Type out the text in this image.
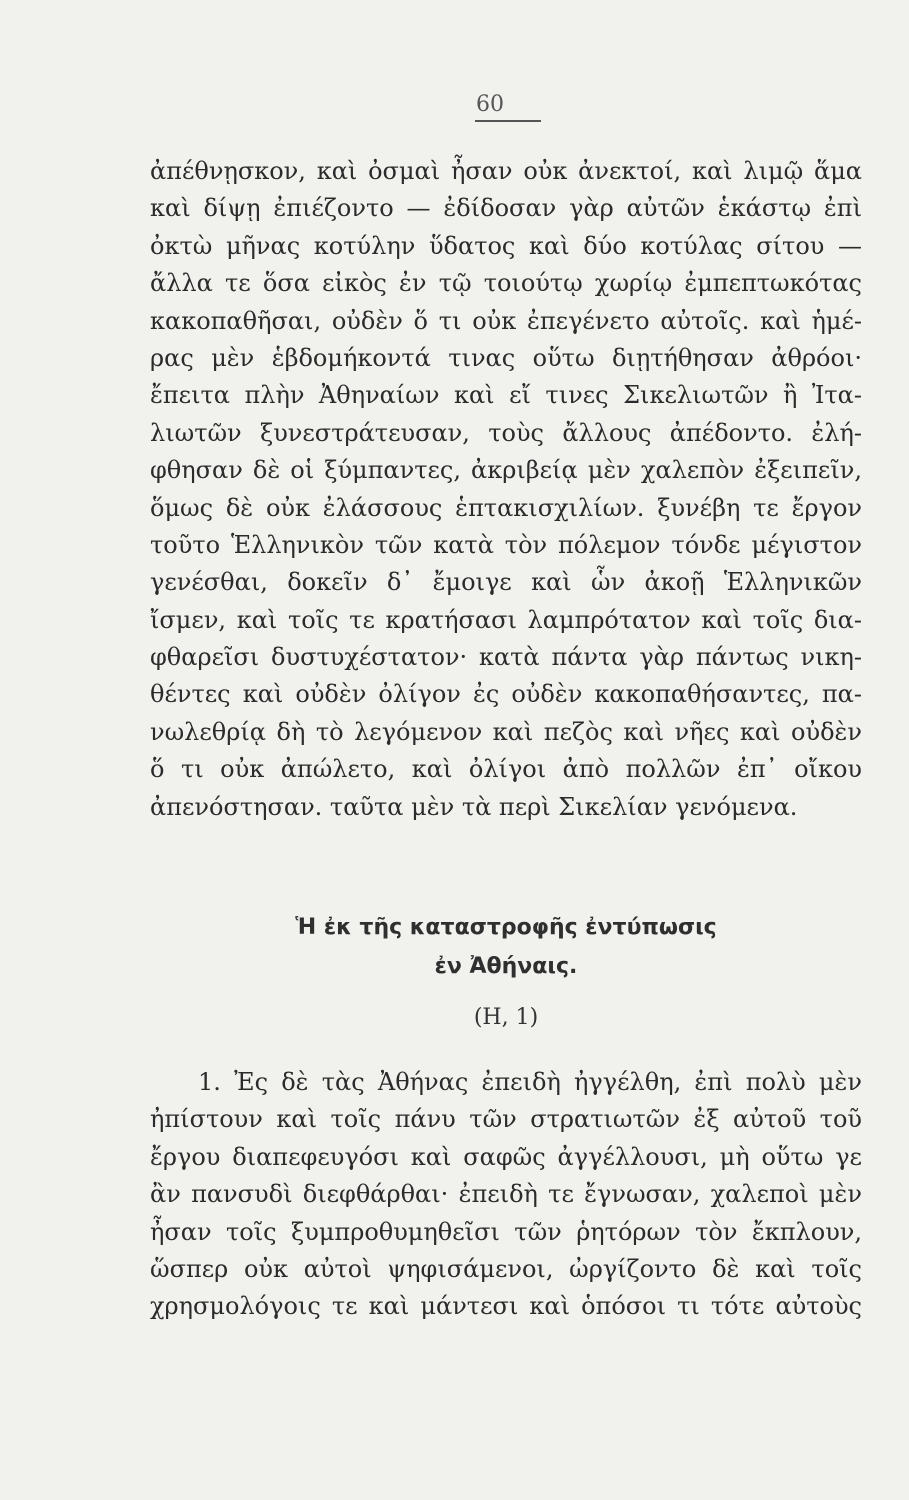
60
ἀπέθνῃσκον, καὶ ὀσμαὶ ἦσαν οὐκ ἀνεκτοί, καὶ λιμῷ ἅμα
καὶ δίψῃ ἐπιέζοντο — ἐδίδοσαν γὰρ αὐτῶν ἑκάστῳ ἐπὶ
ὀκτὼ μῆνας κοτύλην ὕδατος καὶ δύο κοτύλας σίτου —
ἄλλα τε ὅσα εἰκὸς ἐν τῷ τοιούτῳ χωρίῳ ἐμπεπτωκότας
κακοπαθῆσαι, οὐδὲν ὅ τι οὐκ ἐπεγένετο αὐτοῖς. καὶ ἡμέ-
ρας μὲν ἑβδομήκοντά τινας οὕτω διῃτήθησαν ἀθρόοι·
ἔπειτα πλὴν Ἀθηναίων καὶ εἴ τινες Σικελιωτῶν ἢ Ἰτα-
λιωτῶν ξυνεστράτευσαν, τοὺς ἄλλους ἀπέδοντο. ἐλή-
φθησαν δὲ οἱ ξύμπαντες, ἀκριβείᾳ μὲν χαλεπὸν ἐξειπεῖν,
ὅμως δὲ οὐκ ἐλάσσους ἑπτακισχιλίων. ξυνέβη τε ἔργον
τοῦτο Ἑλληνικὸν τῶν κατὰ τὸν πόλεμον τόνδε μέγιστον
γενέσθαι, δοκεῖν δ᾽ ἔμοιγε καὶ ὧν ἀκοῇ Ἑλληνικῶν
ἴσμεν, καὶ τοῖς τε κρατήσασι λαμπρότατον καὶ τοῖς δια-
φθαρεῖσι δυστυχέστατον· κατὰ πάντα γὰρ πάντως νικη-
θέντες καὶ οὐδὲν ὀλίγον ἐς οὐδὲν κακοπαθήσαντες, πα-
νωλεθρίᾳ δὴ τὸ λεγόμενον καὶ πεζὸς καὶ νῆες καὶ οὐδὲν
ὅ τι οὐκ ἀπώλετο, καὶ ὀλίγοι ἀπὸ πολλῶν ἐπ᾽ οἴκου
ἀπενόστησαν. ταῦτα μὲν τὰ περὶ Σικελίαν γενόμενα.
Ἡ ἐκ τῆς καταστροφῆς ἐντύπωσις
ἐν Ἀθήναις.
(Η, 1)
1. Ἐς δὲ τὰς Ἀθήνας ἐπειδὴ ἠγγέλθη, ἐπὶ πολὺ μὲν
ἠπίστουν καὶ τοῖς πάνυ τῶν στρατιωτῶν ἐξ αὐτοῦ τοῦ
ἔργου διαπεφευγόσι καὶ σαφῶς ἀγγέλλουσι, μὴ οὕτω γε
ἂν πανσυδὶ διεφθάρθαι· ἐπειδὴ τε ἔγνωσαν, χαλεποὶ μὲν
ἦσαν τοῖς ξυμπροθυμηθεῖσι τῶν ῥητόρων τὸν ἔκπλουν,
ὥσπερ οὐκ αὐτοὶ ψηφισάμενοι, ὠργίζοντο δὲ καὶ τοῖς
χρησμολόγοις τε καὶ μάντεσι καὶ ὁπόσοι τι τότε αὐτοὺς
